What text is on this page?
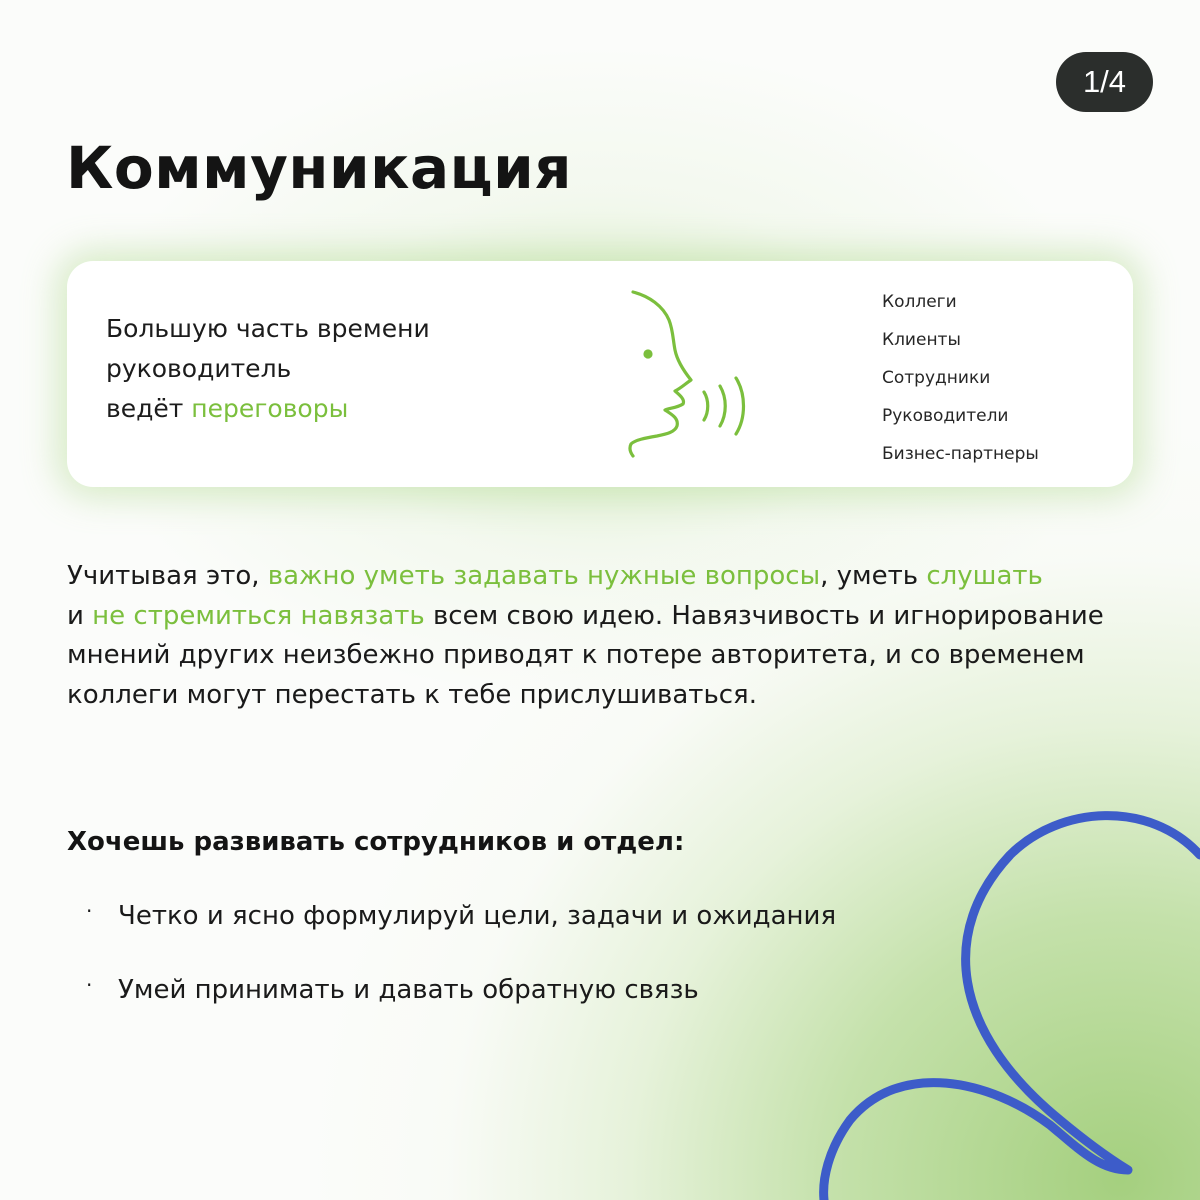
1/4
Коммуникация
Большую часть времени
руководитель
ведёт переговоры
Коллеги
Клиенты
Сотрудники
Руководители
Бизнес-партнеры

Учитывая это, важно уметь задавать нужные вопросы, уметь слушать
и не стремиться навязать всем свою идею. Навязчивость и игнорирование мнений других неизбежно приводят к потере авторитета, и со временем коллеги могут перестать к тебе прислушиваться.

Хочешь развивать сотрудников и отдел:
· Четко и ясно формулируй цели, задачи и ожидания
· Умей принимать и давать обратную связь
